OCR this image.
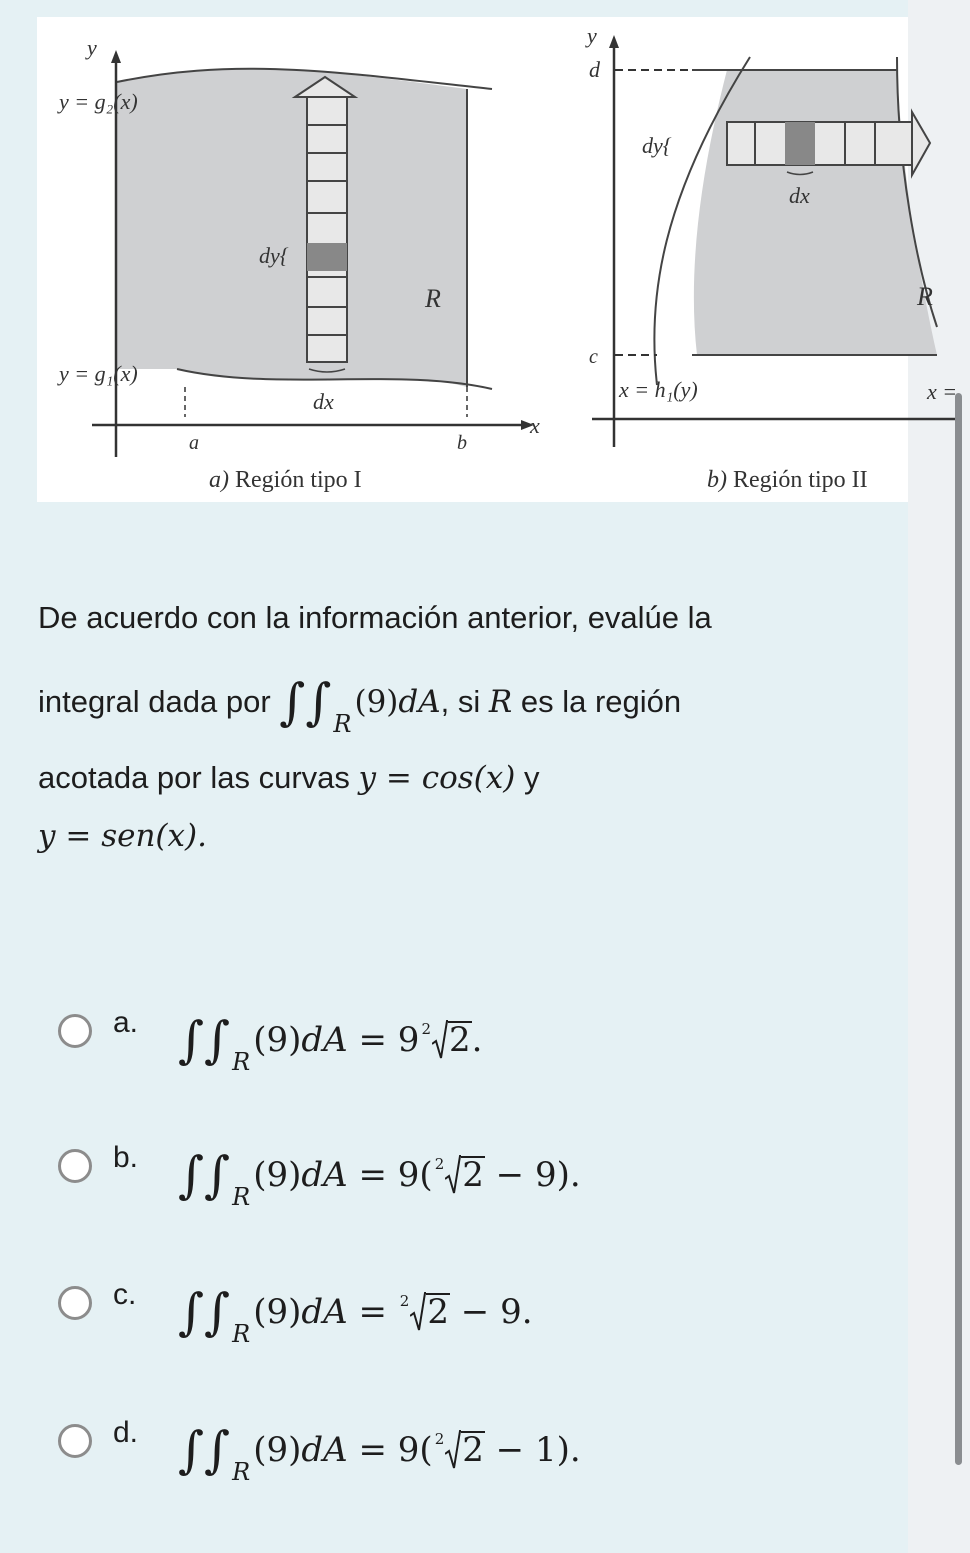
y
y = g₂(x)
y = g₁(x)
dy{
dx
R
a	b
x
a) Región tipo I
y
d
c
dy{
dx
R
x = h₁(y)	x =
b) Región tipo II
De acuerdo con la información anterior, evalúe la
integral dada por
∫∫ R
(9) dA , si
R
es la región
acotada por las curvas y = cos(x) y
y = sen(x).
a. ∫∫ R
(9) dA = 9 2 2 .
b. ∫∫ R
(9) dA = 9( 2 2 − 9).
c. ∫∫ R
(9) dA = 2 2 − 9.
d. ∫∫ R
(9) dA = 9( 2 2 − 1).
